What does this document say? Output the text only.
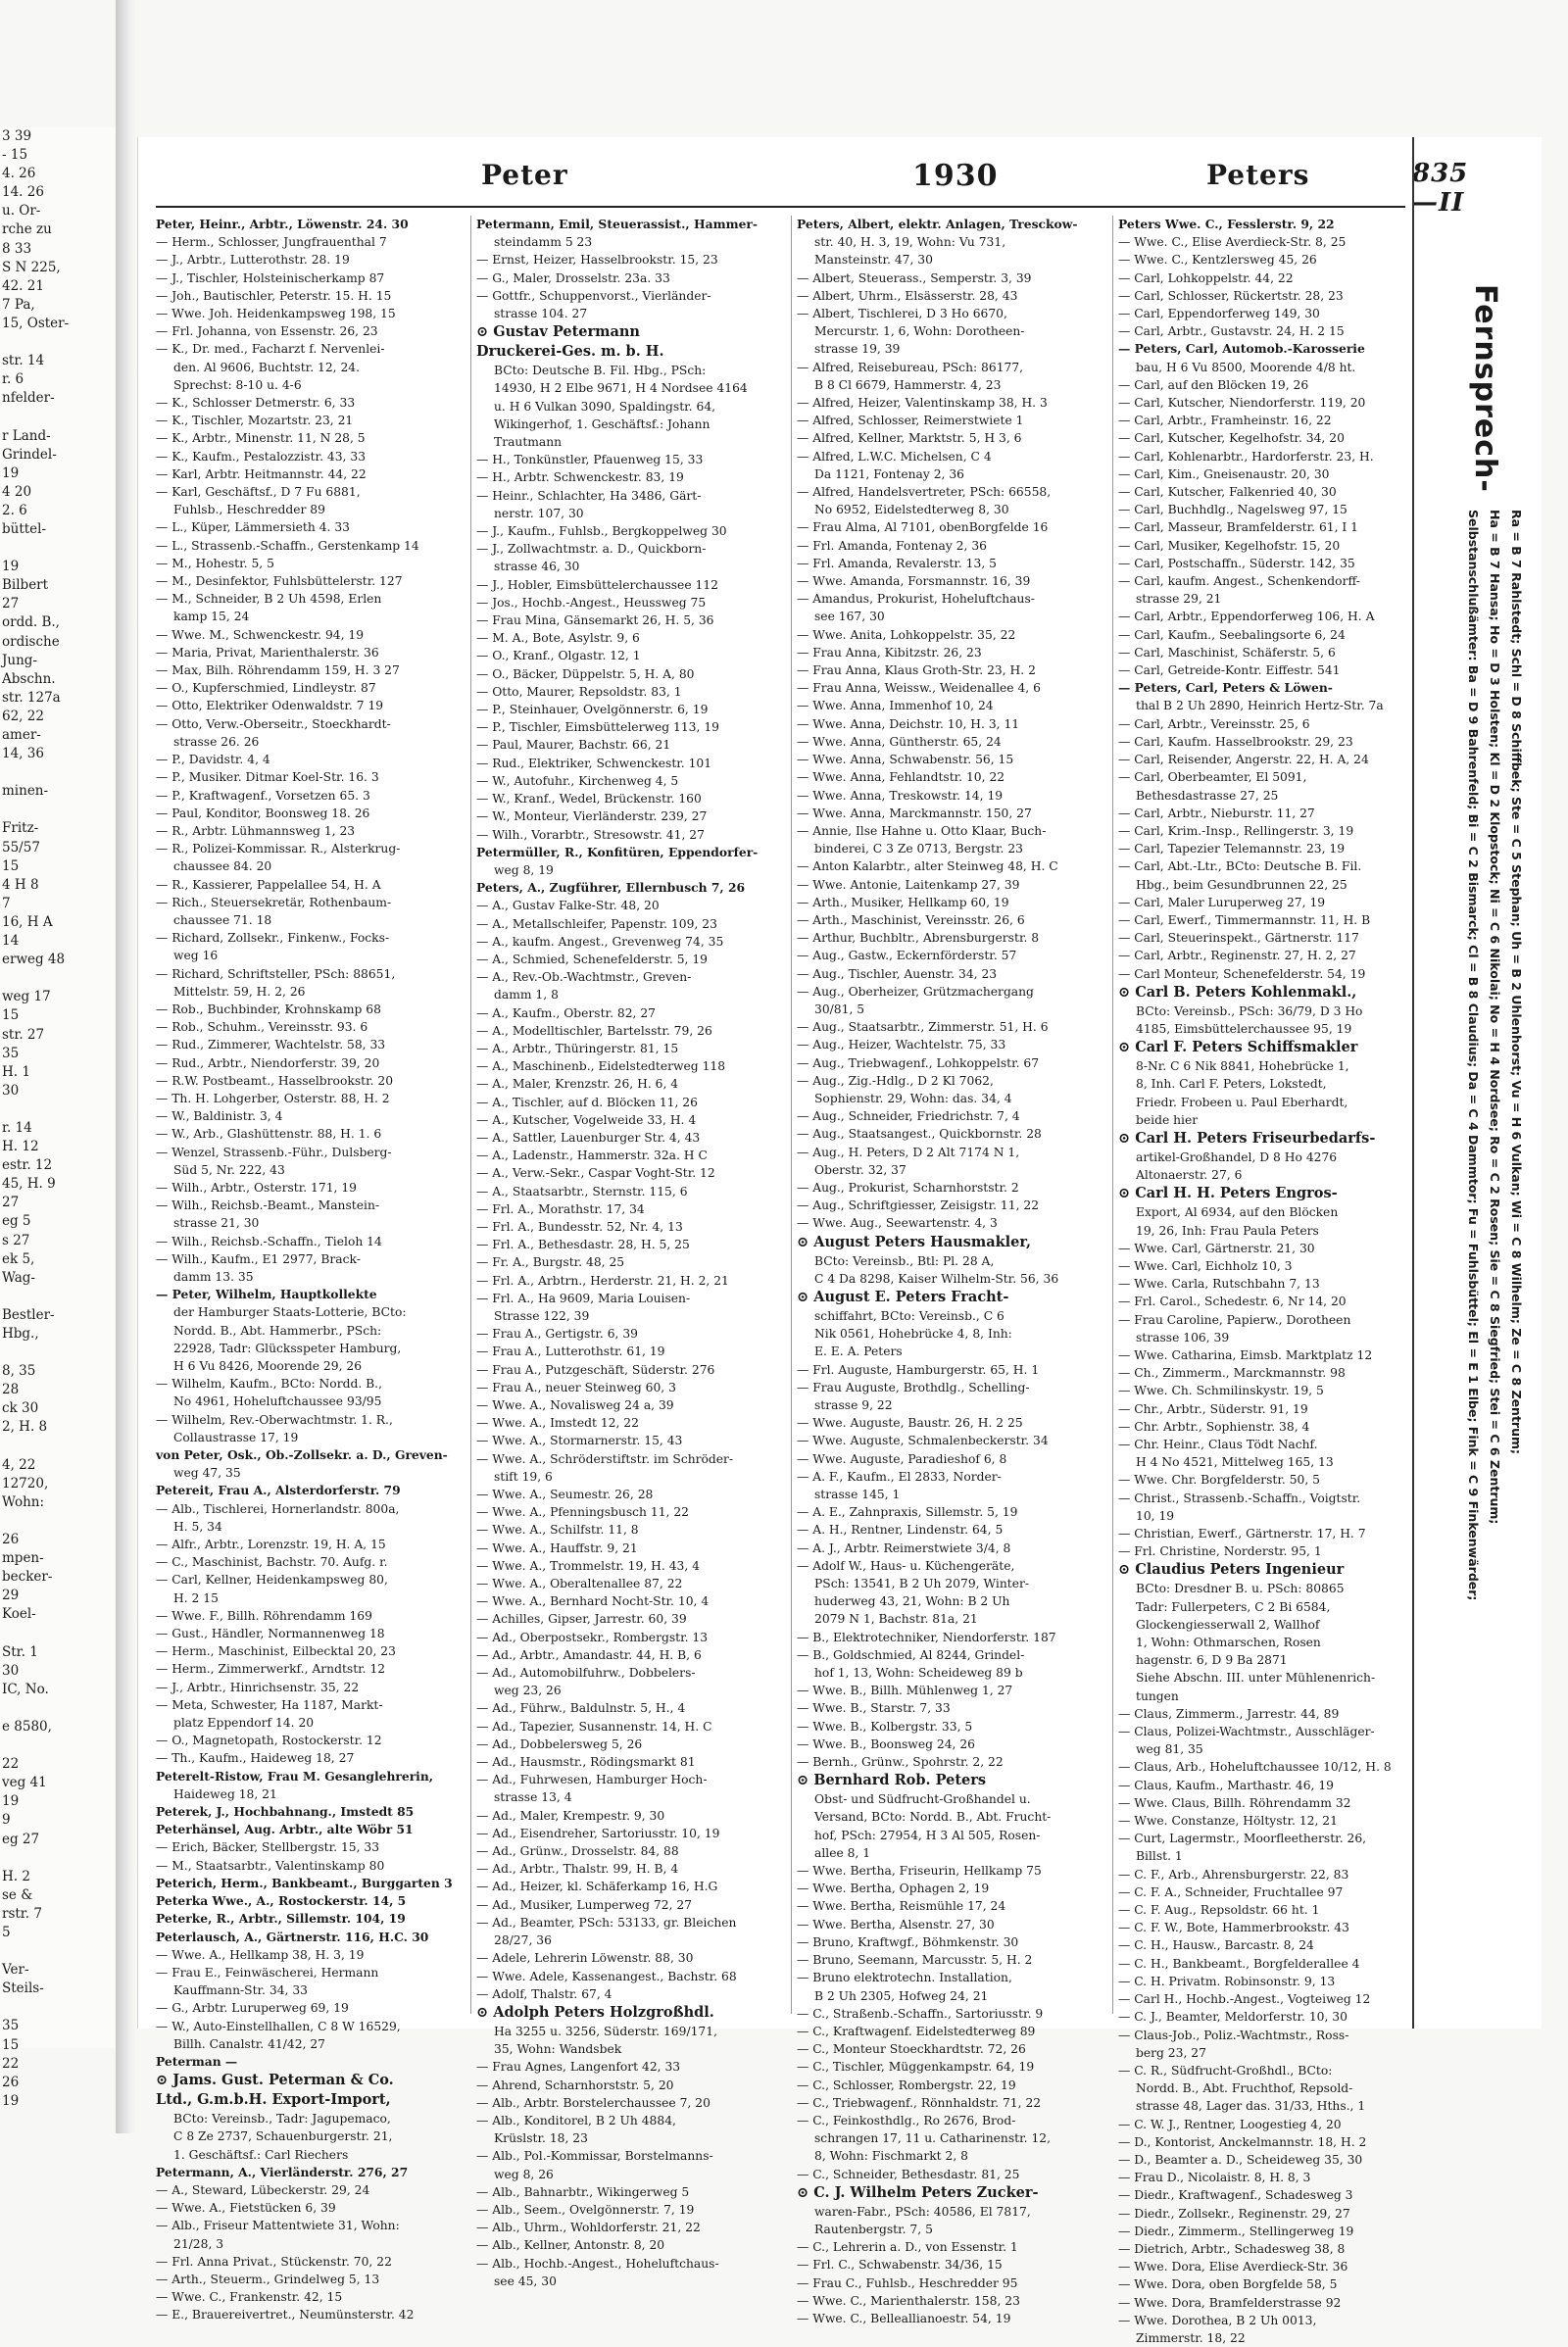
3 39
- 15
4. 26
14. 26
u. Or-
rche zu
8 33
S N 225,
42. 21
7 Pa,
15, Oster-

str. 14
r. 6
nfelder-

r Land-
Grindel-
19
4 20
2. 6
büttel-

19
Bilbert
27
ordd. B.,
ordische
Jung-
Abschn.
str. 127a
62, 22
amer-
14, 36

minen-

Fritz-
55/57
15
4 H 8
7
16, H A
14
erweg 48

weg 17
15
str. 27
35
H. 1
30

r. 14
H. 12
estr. 12
45, H. 9
27
eg 5
s 27
ek 5,
Wag-

Bestler-
Hbg.,

8, 35
28
ck 30
2, H. 8

4, 22
12720,
Wohn:

26
mpen-
becker-
29
Koel-

Str. 1
30
IC, No.

e 8580,

22
veg 41
19
9
eg 27

H. 2
se &
rstr. 7
5

Ver-
Steils-

35
15
22
26
19
Peter	1930	Peters	835—II
Peter, Heinr., Arbtr., Löwenstr. 24. 30
— Herm., Schlosser, Jungfrauenthal 7
— J., Arbtr., Lutterothstr. 28. 19
— J., Tischler, Holsteinischerkamp 87
— Joh., Bautischler, Peterstr. 15. H. 15
— Wwe. Joh. Heidenkampsweg 198, 15
— Frl. Johanna, von Essenstr. 26, 23
— K., Dr. med., Facharzt f. Nervenlei-
den. Al 9606, Buchtstr. 12, 24.
Sprechst: 8-10 u. 4-6
— K., Schlosser Detmerstr. 6, 33
— K., Tischler, Mozartstr. 23, 21
— K., Arbtr., Minenstr. 11, N 28, 5
— K., Kaufm., Pestalozzistr. 43, 33
— Karl, Arbtr. Heitmannstr. 44, 22
— Karl, Geschäftsf., D 7 Fu 6881,
Fuhlsb., Heschredder 89
— L., Küper, Lämmersieth 4. 33
— L., Strassenb.-Schaffn., Gerstenkamp 14
— M., Hohestr. 5, 5
— M., Desinfektor, Fuhlsbüttelerstr. 127
— M., Schneider, B 2 Uh 4598, Erlen
kamp 15, 24
— Wwe. M., Schwenckestr. 94, 19
— Maria, Privat, Marienthalerstr. 36
— Max, Bilh. Röhrendamm 159, H. 3 27
— O., Kupferschmied, Lindleystr. 87
— Otto, Elektriker Odenwaldstr. 7 19
— Otto, Verw.-Oberseitr., Stoeckhardt-
strasse 26. 26
— P., Davidstr. 4, 4
— P., Musiker. Ditmar Koel-Str. 16. 3
— P., Kraftwagenf., Vorsetzen 65. 3
— Paul, Konditor, Boonsweg 18. 26
— R., Arbtr. Lühmannsweg 1, 23
— R., Polizei-Kommissar. R., Alsterkrug-
chaussee 84. 20
— R., Kassierer, Pappelallee 54, H. A
— Rich., Steuersekretär, Rothenbaum-
chaussee 71. 18
— Richard, Zollsekr., Finkenw., Focks-
weg 16
— Richard, Schriftsteller, PSch: 88651,
Mittelstr. 59, H. 2, 26
— Rob., Buchbinder, Krohnskamp 68
— Rob., Schuhm., Vereinsstr. 93. 6
— Rud., Zimmerer, Wachtelstr. 58, 33
— Rud., Arbtr., Niendorferstr. 39, 20
— R.W. Postbeamt., Hasselbrookstr. 20
— Th. H. Lohgerber, Osterstr. 88, H. 2
— W., Baldinistr. 3, 4
— W., Arb., Glashüttenstr. 88, H. 1. 6
— Wenzel, Strassenb.-Führ., Dulsberg-
Süd 5, Nr. 222, 43
— Wilh., Arbtr., Osterstr. 171, 19
— Wilh., Reichsb.-Beamt., Manstein-
strasse 21, 30
— Wilh., Reichsb.-Schaffn., Tieloh 14
— Wilh., Kaufm., E1 2977, Brack-
damm 13. 35
— Peter, Wilhelm, Hauptkollekte
der Hamburger Staats-Lotterie, BCto:
Nordd. B., Abt. Hammerbr., PSch:
22928, Tadr: Glücksspeter Hamburg,
H 6 Vu 8426, Moorende 29, 26
— Wilhelm, Kaufm., BCto: Nordd. B.,
No 4961, Hoheluftchaussee 93/95
— Wilhelm, Rev.-Oberwachtmstr. 1. R.,
Collaustrasse 17, 19
von Peter, Osk., Ob.-Zollsekr. a. D., Greven-
weg 47, 35
Petereit, Frau A., Alsterdorferstr. 79
— Alb., Tischlerei, Hornerlandstr. 800a,
H. 5, 34
— Alfr., Arbtr., Lorenzstr. 19, H. A, 15
— C., Maschinist, Bachstr. 70. Aufg. r.
— Carl, Kellner, Heidenkampsweg 80,
H. 2 15
— Wwe. F., Billh. Röhrendamm 169
— Gust., Händler, Normannenweg 18
— Herm., Maschinist, Eilbecktal 20, 23
— Herm., Zimmerwerkf., Arndtstr. 12
— J., Arbtr., Hinrichsenstr. 35, 22
— Meta, Schwester, Ha 1187, Markt-
platz Eppendorf 14. 20
— O., Magnetopath, Rostockerstr. 12
— Th., Kaufm., Haideweg 18, 27
Peterelt-Ristow, Frau M. Gesanglehrerin,
Haideweg 18, 21
Peterek, J., Hochbahnang., Imstedt 85
Peterhänsel, Aug. Arbtr., alte Wöbr 51
— Erich, Bäcker, Stellbergstr. 15, 33
— M., Staatsarbtr., Valentinskamp 80
Peterich, Herm., Bankbeamt., Burggarten 3
Peterka Wwe., A., Rostockerstr. 14, 5
Peterke, R., Arbtr., Sillemstr. 104, 19
Peterlausch, A., Gärtnerstr. 116, H.C. 30
— Wwe. A., Hellkamp 38, H. 3, 19
— Frau E., Feinwäscherei, Hermann
Kauffmann-Str. 34, 33
— G., Arbtr. Luruperweg 69, 19
— W., Auto-Einstellhallen, C 8 W 16529,
Billh. Canalstr. 41/42, 27
Peterman —
⊙ Jams. Gust. Peterman & Co.
Ltd., G.m.b.H. Export-Import,
BCto: Vereinsb., Tadr: Jagupemaco,
C 8 Ze 2737, Schauenburgerstr. 21,
1. Geschäftsf.: Carl Riechers
Petermann, A., Vierländerstr. 276, 27
— A., Steward, Lübeckerstr. 29, 24
— Wwe. A., Fietstücken 6, 39
— Alb., Friseur Mattentwiete 31, Wohn:
21/28, 3
— Frl. Anna Privat., Stückenstr. 70, 22
— Arth., Steuerm., Grindelweg 5, 13
— Wwe. C., Frankenstr. 42, 15
— E., Brauereivertret., Neumünsterstr. 42
Petermann, Emil, Steuerassist., Hammer-
steindamm 5 23
— Ernst, Heizer, Hasselbrookstr. 15, 23
— G., Maler, Drosselstr. 23a. 33
— Gottfr., Schuppenvorst., Vierländer-
strasse 104. 27
⊙ Gustav Petermann
Druckerei-Ges. m. b. H.
BCto: Deutsche B. Fil. Hbg., PSch:
14930, H 2 Elbe 9671, H 4 Nordsee 4164
u. H 6 Vulkan 3090, Spaldingstr. 64,
Wikingerhof, 1. Geschäftsf.: Johann
Trautmann
— H., Tonkünstler, Pfauenweg 15, 33
— H., Arbtr. Schwenckestr. 83, 19
— Heinr., Schlachter, Ha 3486, Gärt-
nerstr. 107, 30
— J., Kaufm., Fuhlsb., Bergkoppelweg 30
— J., Zollwachtmstr. a. D., Quickborn-
strasse 46, 30
— J., Hobler, Eimsbüttelerchaussee 112
— Jos., Hochb.-Angest., Heussweg 75
— Frau Mina, Gänsemarkt 26, H. 5, 36
— M. A., Bote, Asylstr. 9, 6
— O., Kranf., Olgastr. 12, 1
— O., Bäcker, Düppelstr. 5, H. A, 80
— Otto, Maurer, Repsoldstr. 83, 1
— P., Steinhauer, Ovelgönnerstr. 6, 19
— P., Tischler, Eimsbüttelerweg 113, 19
— Paul, Maurer, Bachstr. 66, 21
— Rud., Elektriker, Schwenckestr. 101
— W., Autofuhr., Kirchenweg 4, 5
— W., Kranf., Wedel, Brückenstr. 160
— W., Monteur, Vierländerstr. 239, 27
— Wilh., Vorarbtr., Stresowstr. 41, 27
Petermüller, R., Konfitüren, Eppendorfer-
weg 8, 19
Peters, A., Zugführer, Ellernbusch 7, 26
— A., Gustav Falke-Str. 48, 20
— A., Metallschleifer, Papenstr. 109, 23
— A., kaufm. Angest., Grevenweg 74, 35
— A., Schmied, Schenefelderstr. 5, 19
— A., Rev.-Ob.-Wachtmstr., Greven-
damm 1, 8
— A., Kaufm., Oberstr. 82, 27
— A., Modelltischler, Bartelsstr. 79, 26
— A., Arbtr., Thüringerstr. 81, 15
— A., Maschinenb., Eidelstedterweg 118
— A., Maler, Krenzstr. 26, H. 6, 4
— A., Tischler, auf d. Blöcken 11, 26
— A., Kutscher, Vogelweide 33, H. 4
— A., Sattler, Lauenburger Str. 4, 43
— A., Ladenstr., Hammerstr. 32a. H C
— A., Verw.-Sekr., Caspar Voght-Str. 12
— A., Staatsarbtr., Sternstr. 115, 6
— Frl. A., Morathstr. 17, 34
— Frl. A., Bundesstr. 52, Nr. 4, 13
— Frl. A., Bethesdastr. 28, H. 5, 25
— Fr. A., Burgstr. 48, 25
— Frl. A., Arbtrn., Herderstr. 21, H. 2, 21
— Frl. A., Ha 9609, Maria Louisen-
Strasse 122, 39
— Frau A., Gertigstr. 6, 39
— Frau A., Lutterothstr. 61, 19
— Frau A., Putzgeschäft, Süderstr. 276
— Frau A., neuer Steinweg 60, 3
— Wwe. A., Novalisweg 24 a, 39
— Wwe. A., Imstedt 12, 22
— Wwe. A., Stormarnerstr. 15, 43
— Wwe. A., Schröderstiftstr. im Schröder-
stift 19, 6
— Wwe. A., Seumestr. 26, 28
— Wwe. A., Pfenningsbusch 11, 22
— Wwe. A., Schilfstr. 11, 8
— Wwe. A., Hauffstr. 9, 21
— Wwe. A., Trommelstr. 19, H. 43, 4
— Wwe. A., Oberaltenallee 87, 22
— Wwe. A., Bernhard Nocht-Str. 10, 4
— Achilles, Gipser, Jarrestr. 60, 39
— Ad., Oberpostsekr., Rombergstr. 13
— Ad., Arbtr., Amandastr. 44, H. B, 6
— Ad., Automobilfuhrw., Dobbelers-
weg 23, 26
— Ad., Führw., Baldulnstr. 5, H., 4
— Ad., Tapezier, Susannenstr. 14, H. C
— Ad., Dobbelersweg 5, 26
— Ad., Hausmstr., Rödingsmarkt 81
— Ad., Fuhrwesen, Hamburger Hoch-
strasse 13, 4
— Ad., Maler, Krempestr. 9, 30
— Ad., Eisendreher, Sartoriusstr. 10, 19
— Ad., Grünw., Drosselstr. 84, 88
— Ad., Arbtr., Thalstr. 99, H. B, 4
— Ad., Heizer, kl. Schäferkamp 16, H.G
— Ad., Musiker, Lumperweg 72, 27
— Ad., Beamter, PSch: 53133, gr. Bleichen
28/27, 36
— Adele, Lehrerin Löwenstr. 88, 30
— Wwe. Adele, Kassenangest., Bachstr. 68
— Adolf, Thalstr. 67, 4
⊙ Adolph Peters Holzgroßhdl.
Ha 3255 u. 3256, Süderstr. 169/171,
35, Wohn: Wandsbek
— Frau Agnes, Langenfort 42, 33
— Ahrend, Scharnhorststr. 5, 20
— Alb., Arbtr. Borstelerchaussee 7, 20
— Alb., Konditorel, B 2 Uh 4884,
Krüslstr. 18, 23
— Alb., Pol.-Kommissar, Borstelmanns-
weg 8, 26
— Alb., Bahnarbtr., Wikingerweg 5
— Alb., Seem., Ovelgönnerstr. 7, 19
— Alb., Uhrm., Wohldorferstr. 21, 22
— Alb., Kellner, Antonstr. 8, 20
— Alb., Hochb.-Angest., Hoheluftchaus-
see 45, 30
Peters, Albert, elektr. Anlagen, Tresckow-
str. 40, H. 3, 19, Wohn: Vu 731,
Mansteinstr. 47, 30
— Albert, Steuerass., Semperstr. 3, 39
— Albert, Uhrm., Elsässerstr. 28, 43
— Albert, Tischlerei, D 3 Ho 6670,
Mercurstr. 1, 6, Wohn: Dorotheen-
strasse 19, 39
— Alfred, Reisebureau, PSch: 86177,
B 8 Cl 6679, Hammerstr. 4, 23
— Alfred, Heizer, Valentinskamp 38, H. 3
— Alfred, Schlosser, Reimerstwiete 1
— Alfred, Kellner, Marktstr. 5, H 3, 6
— Alfred, L.W.C. Michelsen, C 4
Da 1121, Fontenay 2, 36
— Alfred, Handelsvertreter, PSch: 66558,
No 6952, Eidelstedterweg 8, 30
— Frau Alma, Al 7101, obenBorgfelde 16
— Frl. Amanda, Fontenay 2, 36
— Frl. Amanda, Revalerstr. 13, 5
— Wwe. Amanda, Forsmannstr. 16, 39
— Amandus, Prokurist, Hoheluftchaus-
see 167, 30
— Wwe. Anita, Lohkoppelstr. 35, 22
— Frau Anna, Kibitzstr. 26, 23
— Frau Anna, Klaus Groth-Str. 23, H. 2
— Frau Anna, Weissw., Weidenallee 4, 6
— Wwe. Anna, Immenhof 10, 24
— Wwe. Anna, Deichstr. 10, H. 3, 11
— Wwe. Anna, Güntherstr. 65, 24
— Wwe. Anna, Schwabenstr. 56, 15
— Wwe. Anna, Fehlandtstr. 10, 22
— Wwe. Anna, Treskowstr. 14, 19
— Wwe. Anna, Marckmannstr. 150, 27
— Annie, Ilse Hahne u. Otto Klaar, Buch-
binderei, C 3 Ze 0713, Bergstr. 23
— Anton Kalarbtr., alter Steinweg 48, H. C
— Wwe. Antonie, Laitenkamp 27, 39
— Arth., Musiker, Hellkamp 60, 19
— Arth., Maschinist, Vereinsstr. 26, 6
— Arthur, Buchbltr., Abrensburgerstr. 8
— Aug., Gastw., Eckernförderstr. 57
— Aug., Tischler, Auenstr. 34, 23
— Aug., Oberheizer, Grützmachergang
30/81, 5
— Aug., Staatsarbtr., Zimmerstr. 51, H. 6
— Aug., Heizer, Wachtelstr. 75, 33
— Aug., Triebwagenf., Lohkoppelstr. 67
— Aug., Zig.-Hdlg., D 2 Kl 7062,
Sophienstr. 29, Wohn: das. 34, 4
— Aug., Schneider, Friedrichstr. 7, 4
— Aug., Staatsangest., Quickbornstr. 28
— Aug., H. Peters, D 2 Alt 7174 N 1,
Oberstr. 32, 37
— Aug., Prokurist, Scharnhorststr. 2
— Aug., Schriftgiesser, Zeisigstr. 11, 22
— Wwe. Aug., Seewartenstr. 4, 3
⊙ August Peters Hausmakler,
BCto: Vereinsb., Btl: Pl. 28 A,
C 4 Da 8298, Kaiser Wilhelm-Str. 56, 36
⊙ August E. Peters Fracht-
schiffahrt, BCto: Vereinsb., C 6
Nik 0561, Hohebrücke 4, 8, Inh:
E. E. A. Peters
— Frl. Auguste, Hamburgerstr. 65, H. 1
— Frau Auguste, Brothdlg., Schelling-
strasse 9, 22
— Wwe. Auguste, Baustr. 26, H. 2 25
— Wwe. Auguste, Schmalenbeckerstr. 34
— Wwe. Auguste, Paradieshof 6, 8
— A. F., Kaufm., El 2833, Norder-
strasse 145, 1
— A. E., Zahnpraxis, Sillemstr. 5, 19
— A. H., Rentner, Lindenstr. 64, 5
— A. J., Arbtr. Reimerstwiete 3/4, 8
— Adolf W., Haus- u. Küchengeräte,
PSch: 13541, B 2 Uh 2079, Winter-
huderweg 43, 21, Wohn: B 2 Uh
2079 N 1, Bachstr. 81a, 21
— B., Elektrotechniker, Niendorferstr. 187
— B., Goldschmied, Al 8244, Grindel-
hof 1, 13, Wohn: Scheideweg 89 b
— Wwe. B., Billh. Mühlenweg 1, 27
— Wwe. B., Starstr. 7, 33
— Wwe. B., Kolbergstr. 33, 5
— Wwe. B., Boonsweg 24, 26
— Bernh., Grünw., Spohrstr. 2, 22
⊙ Bernhard Rob. Peters
Obst- und Südfrucht-Großhandel u.
Versand, BCto: Nordd. B., Abt. Frucht-
hof, PSch: 27954, H 3 Al 505, Rosen-
allee 8, 1
— Wwe. Bertha, Friseurin, Hellkamp 75
— Wwe. Bertha, Ophagen 2, 19
— Wwe. Bertha, Reismühle 17, 24
— Wwe. Bertha, Alsenstr. 27, 30
— Bruno, Kraftwgf., Böhmkenstr. 30
— Bruno, Seemann, Marcusstr. 5, H. 2
— Bruno elektrotechn. Installation,
B 2 Uh 2305, Hofweg 24, 21
— C., Straßenb.-Schaffn., Sartoriusstr. 9
— C., Kraftwagenf. Eidelstedterweg 89
— C., Monteur Stoeckhardtstr. 72, 26
— C., Tischler, Müggenkampstr. 64, 19
— C., Schlosser, Rombergstr. 22, 19
— C., Triebwagenf., Rönnhaldstr. 71, 22
— C., Feinkosthdlg., Ro 2676, Brod-
schrangen 17, 11 u. Catharinenstr. 12,
8, Wohn: Fischmarkt 2, 8
— C., Schneider, Bethesdastr. 81, 25
⊙ C. J. Wilhelm Peters Zucker-
waren-Fabr., PSch: 40586, El 7817,
Rautenbergstr. 7, 5
— C., Lehrerin a. D., von Essenstr. 1
— Frl. C., Schwabenstr. 34/36, 15
— Frau C., Fuhlsb., Heschredder 95
— Wwe. C., Marienthalerstr. 158, 23
— Wwe. C., Belleallianoestr. 54, 19
Peters Wwe. C., Fesslerstr. 9, 22
— Wwe. C., Elise Averdieck-Str. 8, 25
— Wwe. C., Kentzlersweg 45, 26
— Carl, Lohkoppelstr. 44, 22
— Carl, Schlosser, Rückertstr. 28, 23
— Carl, Eppendorferweg 149, 30
— Carl, Arbtr., Gustavstr. 24, H. 2 15
— Peters, Carl, Automob.-Karosserie
bau, H 6 Vu 8500, Moorende 4/8 ht.
— Carl, auf den Blöcken 19, 26
— Carl, Kutscher, Niendorferstr. 119, 20
— Carl, Arbtr., Framheinstr. 16, 22
— Carl, Kutscher, Kegelhofstr. 34, 20
— Carl, Kohlenarbtr., Hardorferstr. 23, H.
— Carl, Kim., Gneisenaustr. 20, 30
— Carl, Kutscher, Falkenried 40, 30
— Carl, Buchhdlg., Nagelsweg 97, 15
— Carl, Masseur, Bramfelderstr. 61, I 1
— Carl, Musiker, Kegelhofstr. 15, 20
— Carl, Postschaffn., Süderstr. 142, 35
— Carl, kaufm. Angest., Schenkendorff-
strasse 29, 21
— Carl, Arbtr., Eppendorferweg 106, H. A
— Carl, Kaufm., Seebalingsorte 6, 24
— Carl, Maschinist, Schäferstr. 5, 6
— Carl, Getreide-Kontr. Eiffestr. 541
— Peters, Carl, Peters & Löwen-
thal B 2 Uh 2890, Heinrich Hertz-Str. 7a
— Carl, Arbtr., Vereinsstr. 25, 6
— Carl, Kaufm. Hasselbrookstr. 29, 23
— Carl, Reisender, Angerstr. 22, H. A, 24
— Carl, Oberbeamter, El 5091,
Bethesdastrasse 27, 25
— Carl, Arbtr., Nieburstr. 11, 27
— Carl, Krim.-Insp., Rellingerstr. 3, 19
— Carl, Tapezier Telemannstr. 23, 19
— Carl, Abt.-Ltr., BCto: Deutsche B. Fil.
Hbg., beim Gesundbrunnen 22, 25
— Carl, Maler Luruperweg 27, 19
— Carl, Ewerf., Timmermannstr. 11, H. B
— Carl, Steuerinspekt., Gärtnerstr. 117
— Carl, Arbtr., Reginenstr. 27, H. 2, 27
— Carl Monteur, Schenefelderstr. 54, 19
⊙ Carl B. Peters Kohlenmakl.,
BCto: Vereinsb., PSch: 36/79, D 3 Ho
4185, Eimsbüttelerchaussee 95, 19
⊙ Carl F. Peters Schiffsmakler
8-Nr. C 6 Nik 8841, Hohebrücke 1,
8, Inh. Carl F. Peters, Lokstedt,
Friedr. Frobeen u. Paul Eberhardt,
beide hier
⊙ Carl H. Peters Friseurbedarfs-
artikel-Großhandel, D 8 Ho 4276
Altonaerstr. 27, 6
⊙ Carl H. H. Peters Engros-
Export, Al 6934, auf den Blöcken
19, 26, Inh: Frau Paula Peters
— Wwe. Carl, Gärtnerstr. 21, 30
— Wwe. Carl, Eichholz 10, 3
— Wwe. Carla, Rutschbahn 7, 13
— Frl. Carol., Schedestr. 6, Nr 14, 20
— Frau Caroline, Papierw., Dorotheen
strasse 106, 39
— Wwe. Catharina, Eimsb. Marktplatz 12
— Ch., Zimmerm., Marckmannstr. 98
— Wwe. Ch. Schmilinskystr. 19, 5
— Chr., Arbtr., Süderstr. 91, 19
— Chr. Arbtr., Sophienstr. 38, 4
— Chr. Heinr., Claus Tödt Nachf.
H 4 No 4521, Mittelweg 165, 13
— Wwe. Chr. Borgfelderstr. 50, 5
— Christ., Strassenb.-Schaffn., Voigtstr.
10, 19
— Christian, Ewerf., Gärtnerstr. 17, H. 7
— Frl. Christine, Norderstr. 95, 1
⊙ Claudius Peters Ingenieur
BCto: Dresdner B. u. PSch: 80865
Tadr: Fullerpeters, C 2 Bi 6584,
Glockengiesserwall 2, Wallhof
1, Wohn: Othmarschen, Rosen
hagenstr. 6, D 9 Ba 2871
Siehe Abschn. III. unter Mühlenenrich-
tungen
— Claus, Zimmerm., Jarrestr. 44, 89
— Claus, Polizei-Wachtmstr., Ausschläger-
weg 81, 35
— Claus, Arb., Hoheluftchaussee 10/12, H. 8
— Claus, Kaufm., Marthastr. 46, 19
— Wwe. Claus, Billh. Röhrendamm 32
— Wwe. Constanze, Höltystr. 12, 21
— Curt, Lagermstr., Moorfleetherstr. 26,
Billst. 1
— C. F., Arb., Ahrensburgerstr. 22, 83
— C. F. A., Schneider, Fruchtallee 97
— C. F. Aug., Repsoldstr. 66 ht. 1
— C. F. W., Bote, Hammerbrookstr. 43
— C. H., Hausw., Barcastr. 8, 24
— C. H., Bankbeamt., Borgfelderallee 4
— C. H. Privatm. Robinsonstr. 9, 13
— Carl H., Hochb.-Angest., Vogteiweg 12
— C. J., Beamter, Meldorferstr. 10, 30
— Claus-Job., Poliz.-Wachtmstr., Ross-
berg 23, 27
— C. R., Südfrucht-Großhdl., BCto:
Nordd. B., Abt. Fruchthof, Repsold-
strasse 48, Lager das. 31/33, Hths., 1
— C. W. J., Rentner, Loogestieg 4, 20
— D., Kontorist, Anckelmannstr. 18, H. 2
— D., Beamter a. D., Scheideweg 35, 30
— Frau D., Nicolaistr. 8, H. 8, 3
— Diedr., Kraftwagenf., Schadesweg 3
— Diedr., Zollsekr., Reginenstr. 29, 27
— Diedr., Zimmerm., Stellingerweg 19
— Dietrich, Arbtr., Schadesweg 38, 8
— Wwe. Dora, Elise Averdieck-Str. 36
— Wwe. Dora, oben Borgfelde 58, 5
— Wwe. Dora, Bramfelderstrasse 92
— Wwe. Dorothea, B 2 Uh 0013,
Zimmerstr. 18, 22
Fernsprech-
Selbstanschlußämter: Ba = D 9 Bahrenfeld; Bi = C 2 Bismarck; Cl = B 8 Claudius; Da = C 4 Dammtor; Fu = Fuhlsbüttel; El = E 1 Elbe; Fink = C 9 Finkenwärder; Ha = B 7 Hansa; Ho = D 3 Holsten; Kl = D 2 Klopstock; Ni = C 6 Nikolai; No = H 4 Nordsee; Ro = C 2 Rosen; Sie = C 8 Siegfried; Stei = C 6 Zentrum; Ra = B 7 Rahlstedt; Schl = D 8 Schiffbek; Ste = C 5 Stephan; Uh = B 2 Uhlenhorst; Vu = H 6 Vulkan; Wi = C 8 Wilhelm; Ze = C 8 Zentrum;
